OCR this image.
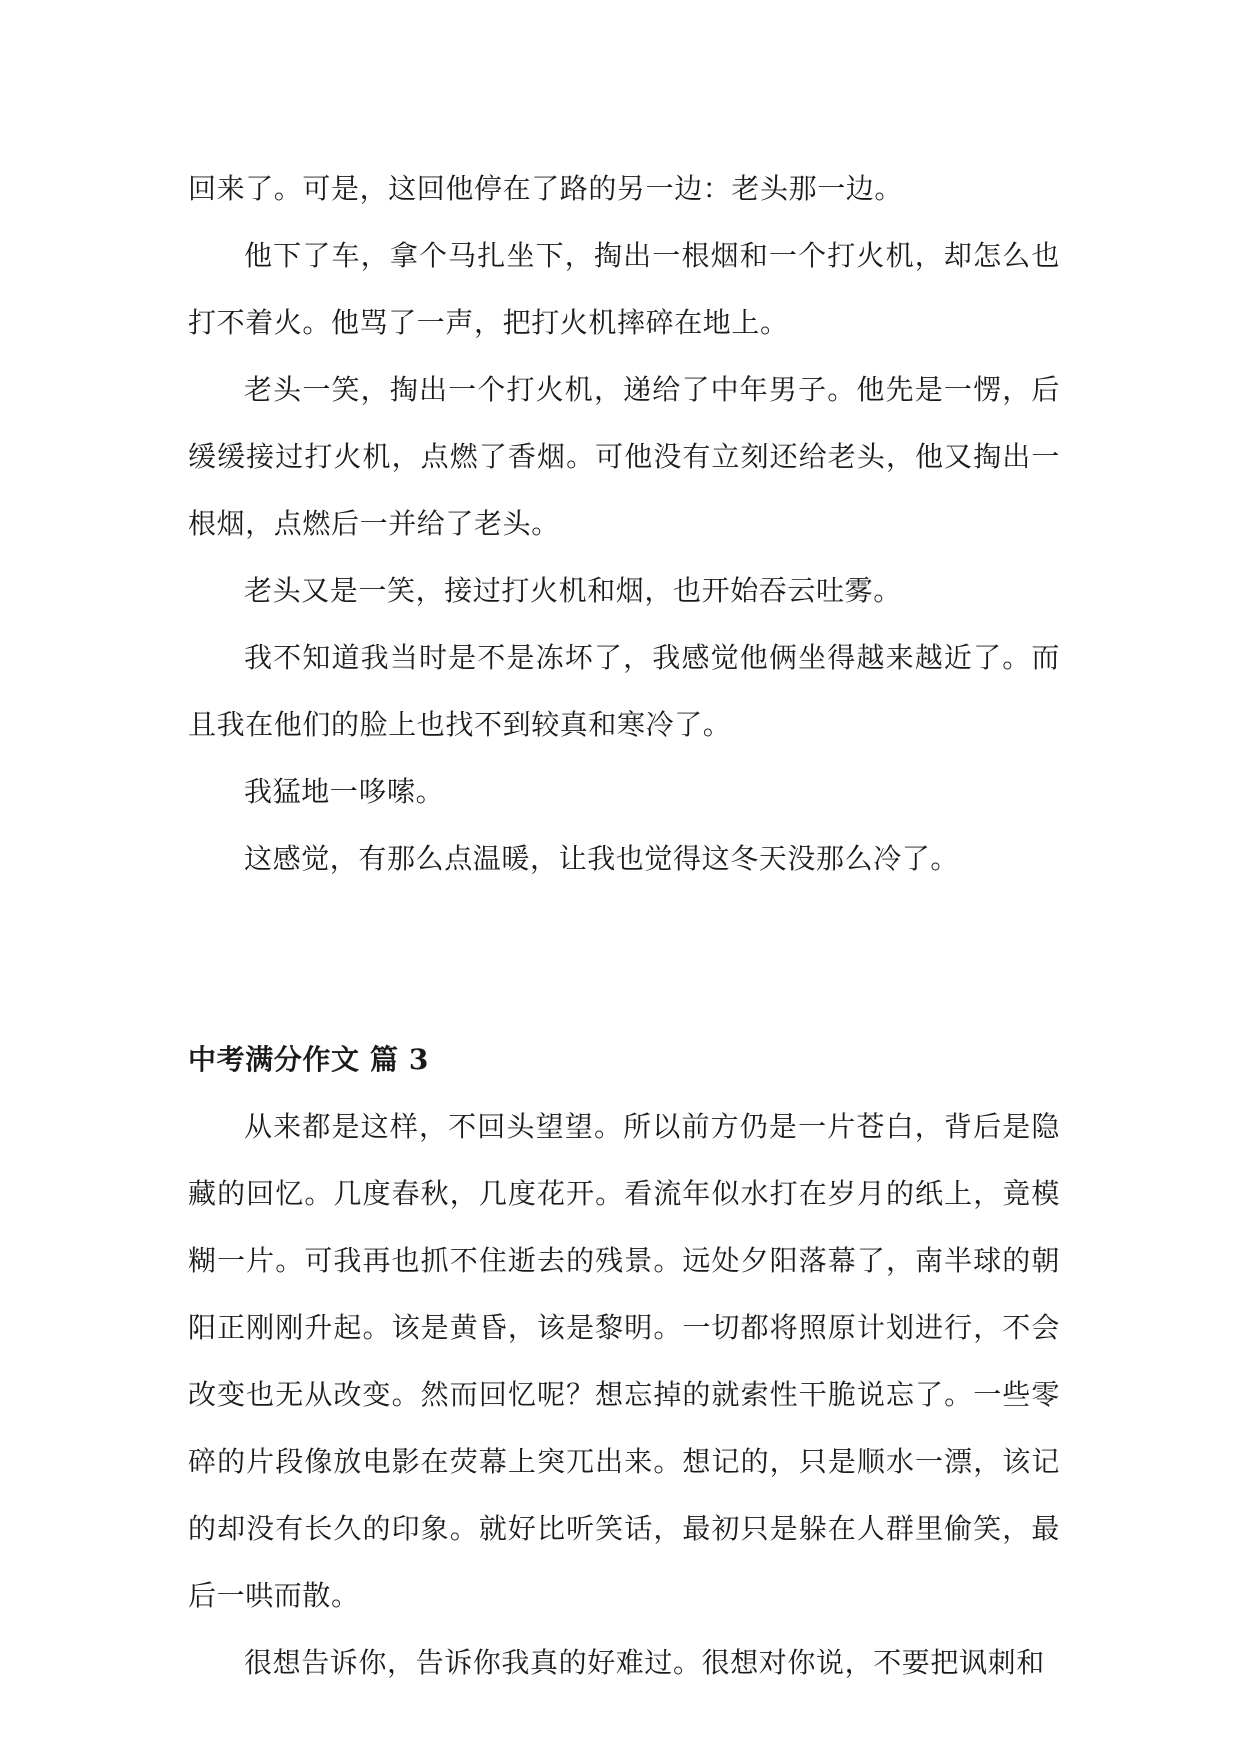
回来了。可是，这回他停在了路的另一边：老头那一边。

他下了车，拿个马扎坐下，掏出一根烟和一个打火机，却怎么也打不着火。他骂了一声，把打火机摔碎在地上。

老头一笑，掏出一个打火机，递给了中年男子。他先是一愣，后缓缓接过打火机，点燃了香烟。可他没有立刻还给老头，他又掏出一根烟，点燃后一并给了老头。

老头又是一笑，接过打火机和烟，也开始吞云吐雾。

我不知道我当时是不是冻坏了，我感觉他俩坐得越来越近了。而且我在他们的脸上也找不到较真和寒冷了。

我猛地一哆嗦。

这感觉，有那么点温暖，让我也觉得这冬天没那么冷了。

中考满分作文 篇 3

从来都是这样，不回头望望。所以前方仍是一片苍白，背后是隐藏的回忆。几度春秋，几度花开。看流年似水打在岁月的纸上，竟模糊一片。可我再也抓不住逝去的残景。远处夕阳落幕了，南半球的朝阳正刚刚升起。该是黄昏，该是黎明。一切都将照原计划进行，不会改变也无从改变。然而回忆呢？想忘掉的就索性干脆说忘了。一些零碎的片段像放电影在荧幕上突兀出来。想记的，只是顺水一漂，该记的却没有长久的印象。就好比听笑话，最初只是躲在人群里偷笑，最后一哄而散。

很想告诉你，告诉你我真的好难过。很想对你说，不要把讽刺和
